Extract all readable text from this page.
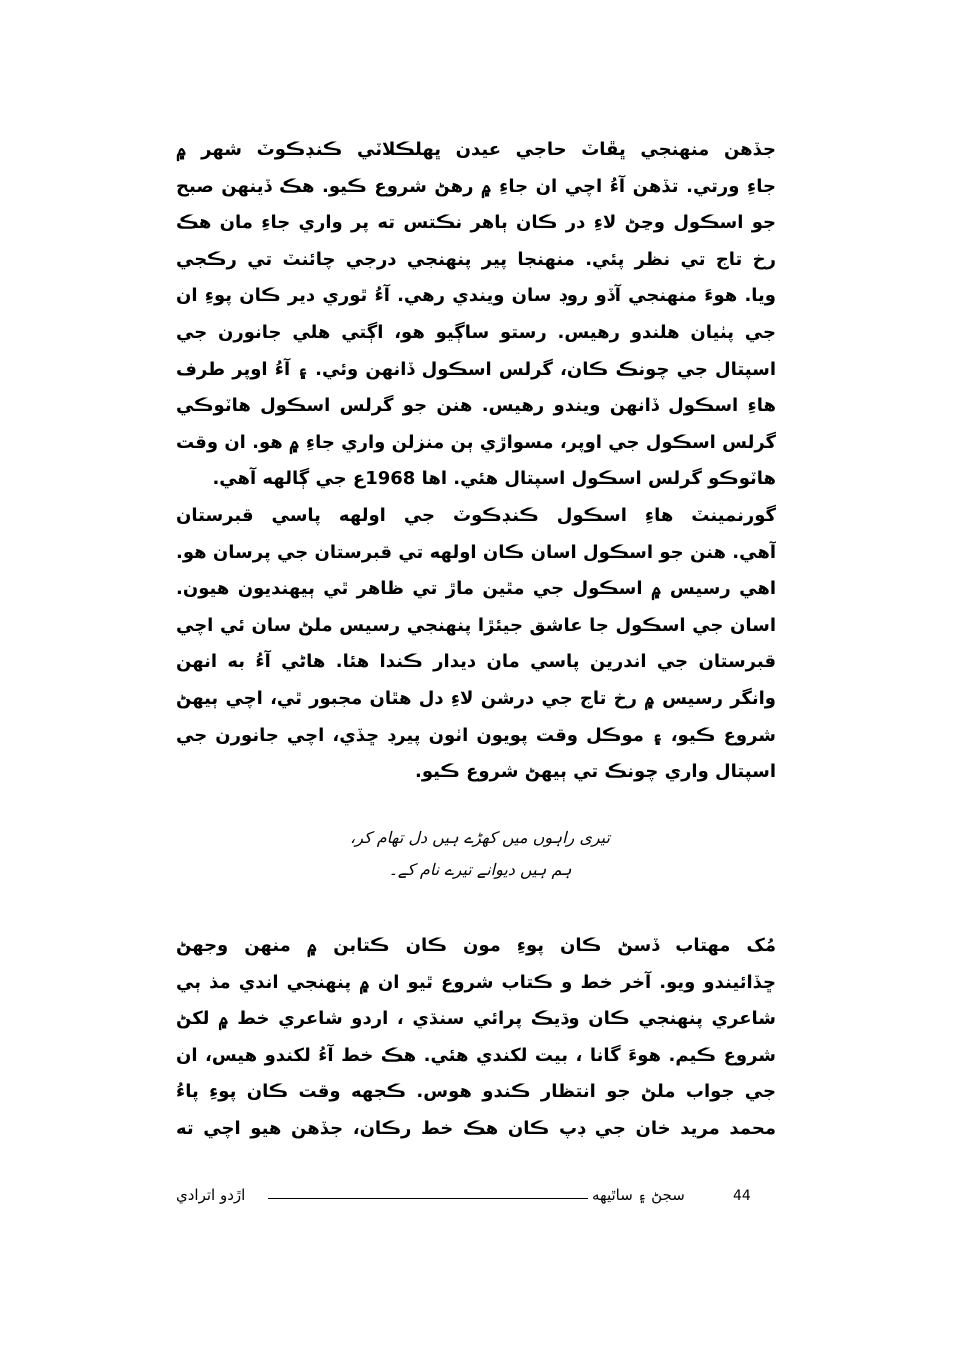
جڏهن منهنجي ڀڦاٽ حاجي عيدن ڀهلڪلاٽي ڪنڊڪوٽ شهر ۾
جاءِ ورتي. تڏهن آءُ اچي ان جاءِ ۾ رهڻ شروع ڪيو. هڪ ڏينهن صبح
جو اسڪول وڃڻ لاءِ در ڪان ٻاهر نڪتس ته پر واري جاءِ مان هڪ
رخ تاج تي نظر پئي. منهنجا پير پنهنجي درجي چائنٽ تي رڪجي
ويا. هوءَ منهنجي آڏو روڊ سان ويندي رهي. آءُ ٿوري دير ڪان پوءِ ان
جي پٺيان هلندو رهيس. رستو ساڳيو هو، اڳتي هلي جانورن جي
اسپتال جي چونڪ ڪان، گرلس اسڪول ڏانهن وئي. ۽ آءُ اوپر طرف
هاءِ اسڪول ڏانهن ويندو رهيس. هنن جو گرلس اسڪول هاٽوڪي
گرلس اسڪول جي اوپر، مسواڙي ٻن منزلن واري جاءِ ۾ هو. ان وقت
هاٽوڪو گرلس اسڪول اسپتال هئي. اها 1968ع جي ڳالهه آهي.
گورنمينٽ هاءِ اسڪول ڪنڊڪوٽ جي اولهه پاسي قبرستان
آهي. هنن جو اسڪول اسان ڪان اولهه تي قبرستان جي پرسان هو.
اهي رسيس ۾ اسڪول جي مٿين ماڙ تي ظاهر ٿي ٻيهنديون هيون.
اسان جي اسڪول جا عاشق جيئڙا پنهنجي رسيس ملڻ سان ئي اچي
قبرستان جي اندرين پاسي مان ديدار ڪندا هئا. هاڻي آءُ به انهن
وانگر رسيس ۾ رخ تاج جي درشن لاءِ دل هٿان مجبور ٿي، اچي ٻيهڻ
شروع ڪيو، ۽ موڪل وقت پويون اٺون پيرڊ ڇڏي، اچي جانورن جي
اسپتال واري چونڪ تي ٻيهڻ شروع ڪيو.
تیری راہوں میں کھڑے ہیں دل تھام کر،
ہم ہیں دیوانے تیرے نام کے۔
مُک مهتاب ڏسڻ ڪان پوءِ مون ڪان ڪتابن ۾ منهن وجهڻ
ڇڏائيندو ويو. آخر خط و ڪتاب شروع ٿيو ان ۾ پنهنجي اندي مذ ٻي
شاعري پنهنجي ڪان وڌيڪ پرائي سنڌي ، اردو شاعري خط ۾ لکڻ
شروع ڪيم. هوءَ گانا ، بيت لکندي هئي. هڪ خط آءُ لکندو هيس، ان
جي جواب ملڻ جو انتظار ڪندو هوس. ڪجهه وقت ڪان پوءِ پاءُ
محمد مريد خان جي ڊپ ڪان هڪ خط رڪان، جڏهن هيو اچي ته
اڙدو اترادي	سجڻ ۽ ساٿيهه	44
